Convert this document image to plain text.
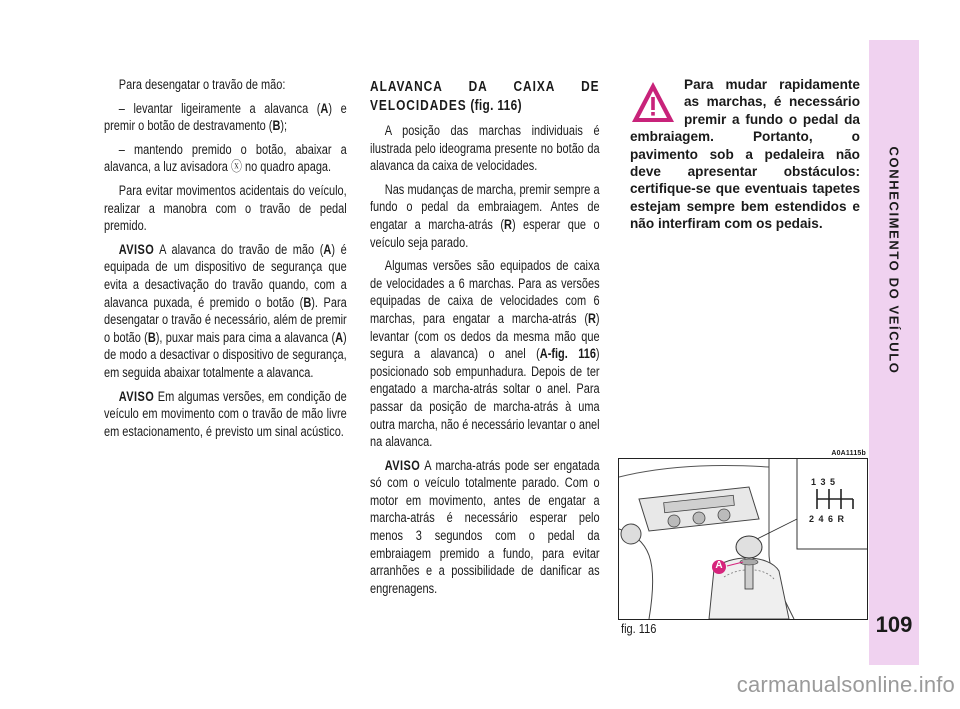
Para desengatar o travão de mão:

– levantar ligeiramente a alavanca (A) e premir o botão de destravamento (B);

– mantendo premido o botão, abaixar a alavanca, a luz avisadora ⓧ no quadro apaga.

Para evitar movimentos acidentais do veículo, realizar a manobra com o travão de pedal premido.

AVISO A alavanca do travão de mão (A) é equipada de um dispositivo de segurança que evita a desactivação do travão quando, com a alavanca puxada, é premido o botão (B). Para desengatar o travão é necessário, além de premir o botão (B), puxar mais para cima a alavanca (A) de modo a desactivar o dispositivo de segurança, em seguida abaixar totalmente a alavanca.

AVISO Em algumas versões, em condição de veículo em movimento com o travão de mão livre em estacionamento, é previsto um sinal acústico.

ALAVANCA DA CAIXA DE VELOCIDADES (fig. 116)

A posição das marchas individuais é ilustrada pelo ideograma presente no botão da alavanca da caixa de velocidades.

Nas mudanças de marcha, premir sempre a fundo o pedal da embraiagem. Antes de engatar a marcha-atrás (R) esperar que o veículo seja parado.

Algumas versões são equipados de caixa de velocidades a 6 marchas. Para as versões equipadas de caixa de velocidades com 6 marchas, para engatar a marcha-atrás (R) levantar (com os dedos da mesma mão que segura a alavanca) o anel (A-fig. 116) posicionado sob empunhadura. Depois de ter engatado a marcha-atrás soltar o anel. Para passar da posição de marcha-atrás à uma outra marcha, não é necessário levantar o anel na alavanca.

AVISO A marcha-atrás pode ser engatada só com o veículo totalmente parado. Com o motor em movimento, antes de engatar a marcha-atrás é necessário esperar pelo menos 3 segundos com o pedal da embraiagem premido a fundo, para evitar arranhões e a possibilidade de danificar as engrenagens.

Para mudar rapidamente as marchas, é necessário premir a fundo o pedal da embraiagem. Portanto, o pavimento sob a pedaleira não deve apresentar obstáculos: certifique-se que eventuais tapetes estejam sempre bem estendidos e não interfiram com os pedais.	CONHECIMENTO DO VEÍCULO
109
A0A1115b
1 3 5
2 4 6 R
A
fig. 116
carmanualsonline.info
